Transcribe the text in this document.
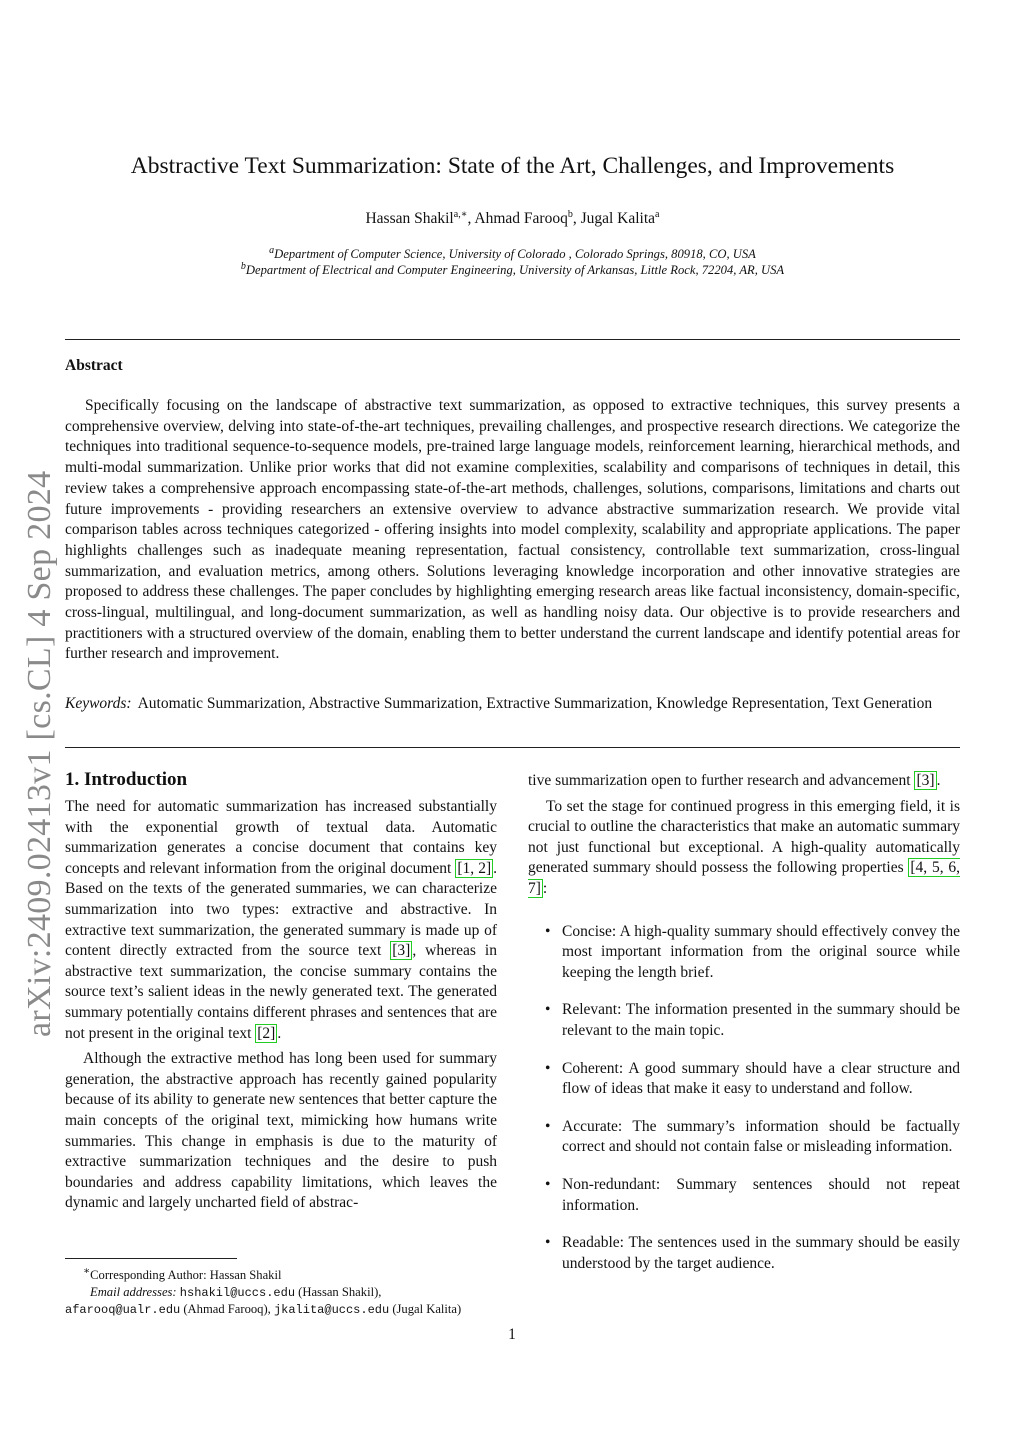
arXiv:2409.02413v1 [cs.CL] 4 Sep 2024
Abstractive Text Summarization: State of the Art, Challenges, and Improvements
Hassan Shakil$^{a,∗}$, Ahmad Farooq$^b$, Jugal Kalita$^a$
$^a$Department of Computer Science, University of Colorado , Colorado Springs, 80918, CO, USA
$^b$Department of Electrical and Computer Engineering, University of Arkansas, Little Rock, 72204, AR, USA
Abstract
Specifically focusing on the landscape of abstractive text summarization, as opposed to extractive techniques, this survey presents a comprehensive overview, delving into state-of-the-art techniques, prevailing challenges, and prospective research directions. We categorize the techniques into traditional sequence-to-sequence models, pre-trained large language models, reinforcement learning, hierarchical methods, and multi-modal summarization. Unlike prior works that did not examine complexities, scalability and comparisons of techniques in detail, this review takes a comprehensive approach encompassing state-of-the-art methods, challenges, solutions, comparisons, limitations and charts out future improvements - providing researchers an extensive overview to advance abstractive summarization research. We provide vital comparison tables across techniques categorized - offering insights into model complexity, scalability and appropriate applications. The paper highlights challenges such as inadequate meaning representation, factual consistency, controllable text summarization, cross-lingual summarization, and evaluation metrics, among others. Solutions leveraging knowledge incorporation and other innovative strategies are proposed to address these challenges. The paper concludes by highlighting emerging research areas like factual inconsistency, domain-specific, cross-lingual, multilingual, and long-document summarization, as well as handling noisy data. Our objective is to provide researchers and practitioners with a structured overview of the domain, enabling them to better understand the current landscape and identify potential areas for further research and improvement.
Keywords: Automatic Summarization, Abstractive Summarization, Extractive Summarization, Knowledge Representation, Text Generation
1. Introduction

The need for automatic summarization has increased substantially with the exponential growth of textual data. Automatic summarization generates a concise document that contains key concepts and relevant information from the original document [1, 2] . Based on the texts of the generated summaries, we can characterize summarization into two types: extractive and abstractive. In extractive text summarization, the generated summary is made up of content directly extracted from the source text [3] , whereas in abstractive text summarization, the concise summary contains the source text’s salient ideas in the newly generated text. The generated summary potentially contains different phrases and sentences that are not present in the original text [2] .

Although the extractive method has long been used for summary generation, the abstractive approach has recently gained popularity because of its ability to generate new sentences that better capture the main concepts of the original text, mimicking how humans write summaries. This change in emphasis is due to the maturity of extractive summarization techniques and the desire to push boundaries and address capability limitations, which leaves the dynamic and largely uncharted field of abstrac-

tive summarization open to further research and advancement [3] .

To set the stage for continued progress in this emerging field, it is crucial to outline the characteristics that make an automatic summary not just functional but exceptional. A high-quality automatically generated summary should possess the following properties [4, 5, 6, 7] :

• Concise: A high-quality summary should effectively convey the most important information from the original source while keeping the length brief.
• Relevant: The information presented in the summary should be relevant to the main topic.
• Coherent: A good summary should have a clear structure and flow of ideas that make it easy to understand and follow.
• Accurate: The summary’s information should be factually correct and should not contain false or misleading information.
• Non-redundant: Summary sentences should not repeat information.
• Readable: The sentences used in the summary should be easily understood by the target audience.
∗Corresponding Author: Hassan Shakil
Email addresses: hshakil@uccs.edu (Hassan Shakil),
afarooq@ualr.edu (Ahmad Farooq), jkalita@uccs.edu (Jugal Kalita)
1
